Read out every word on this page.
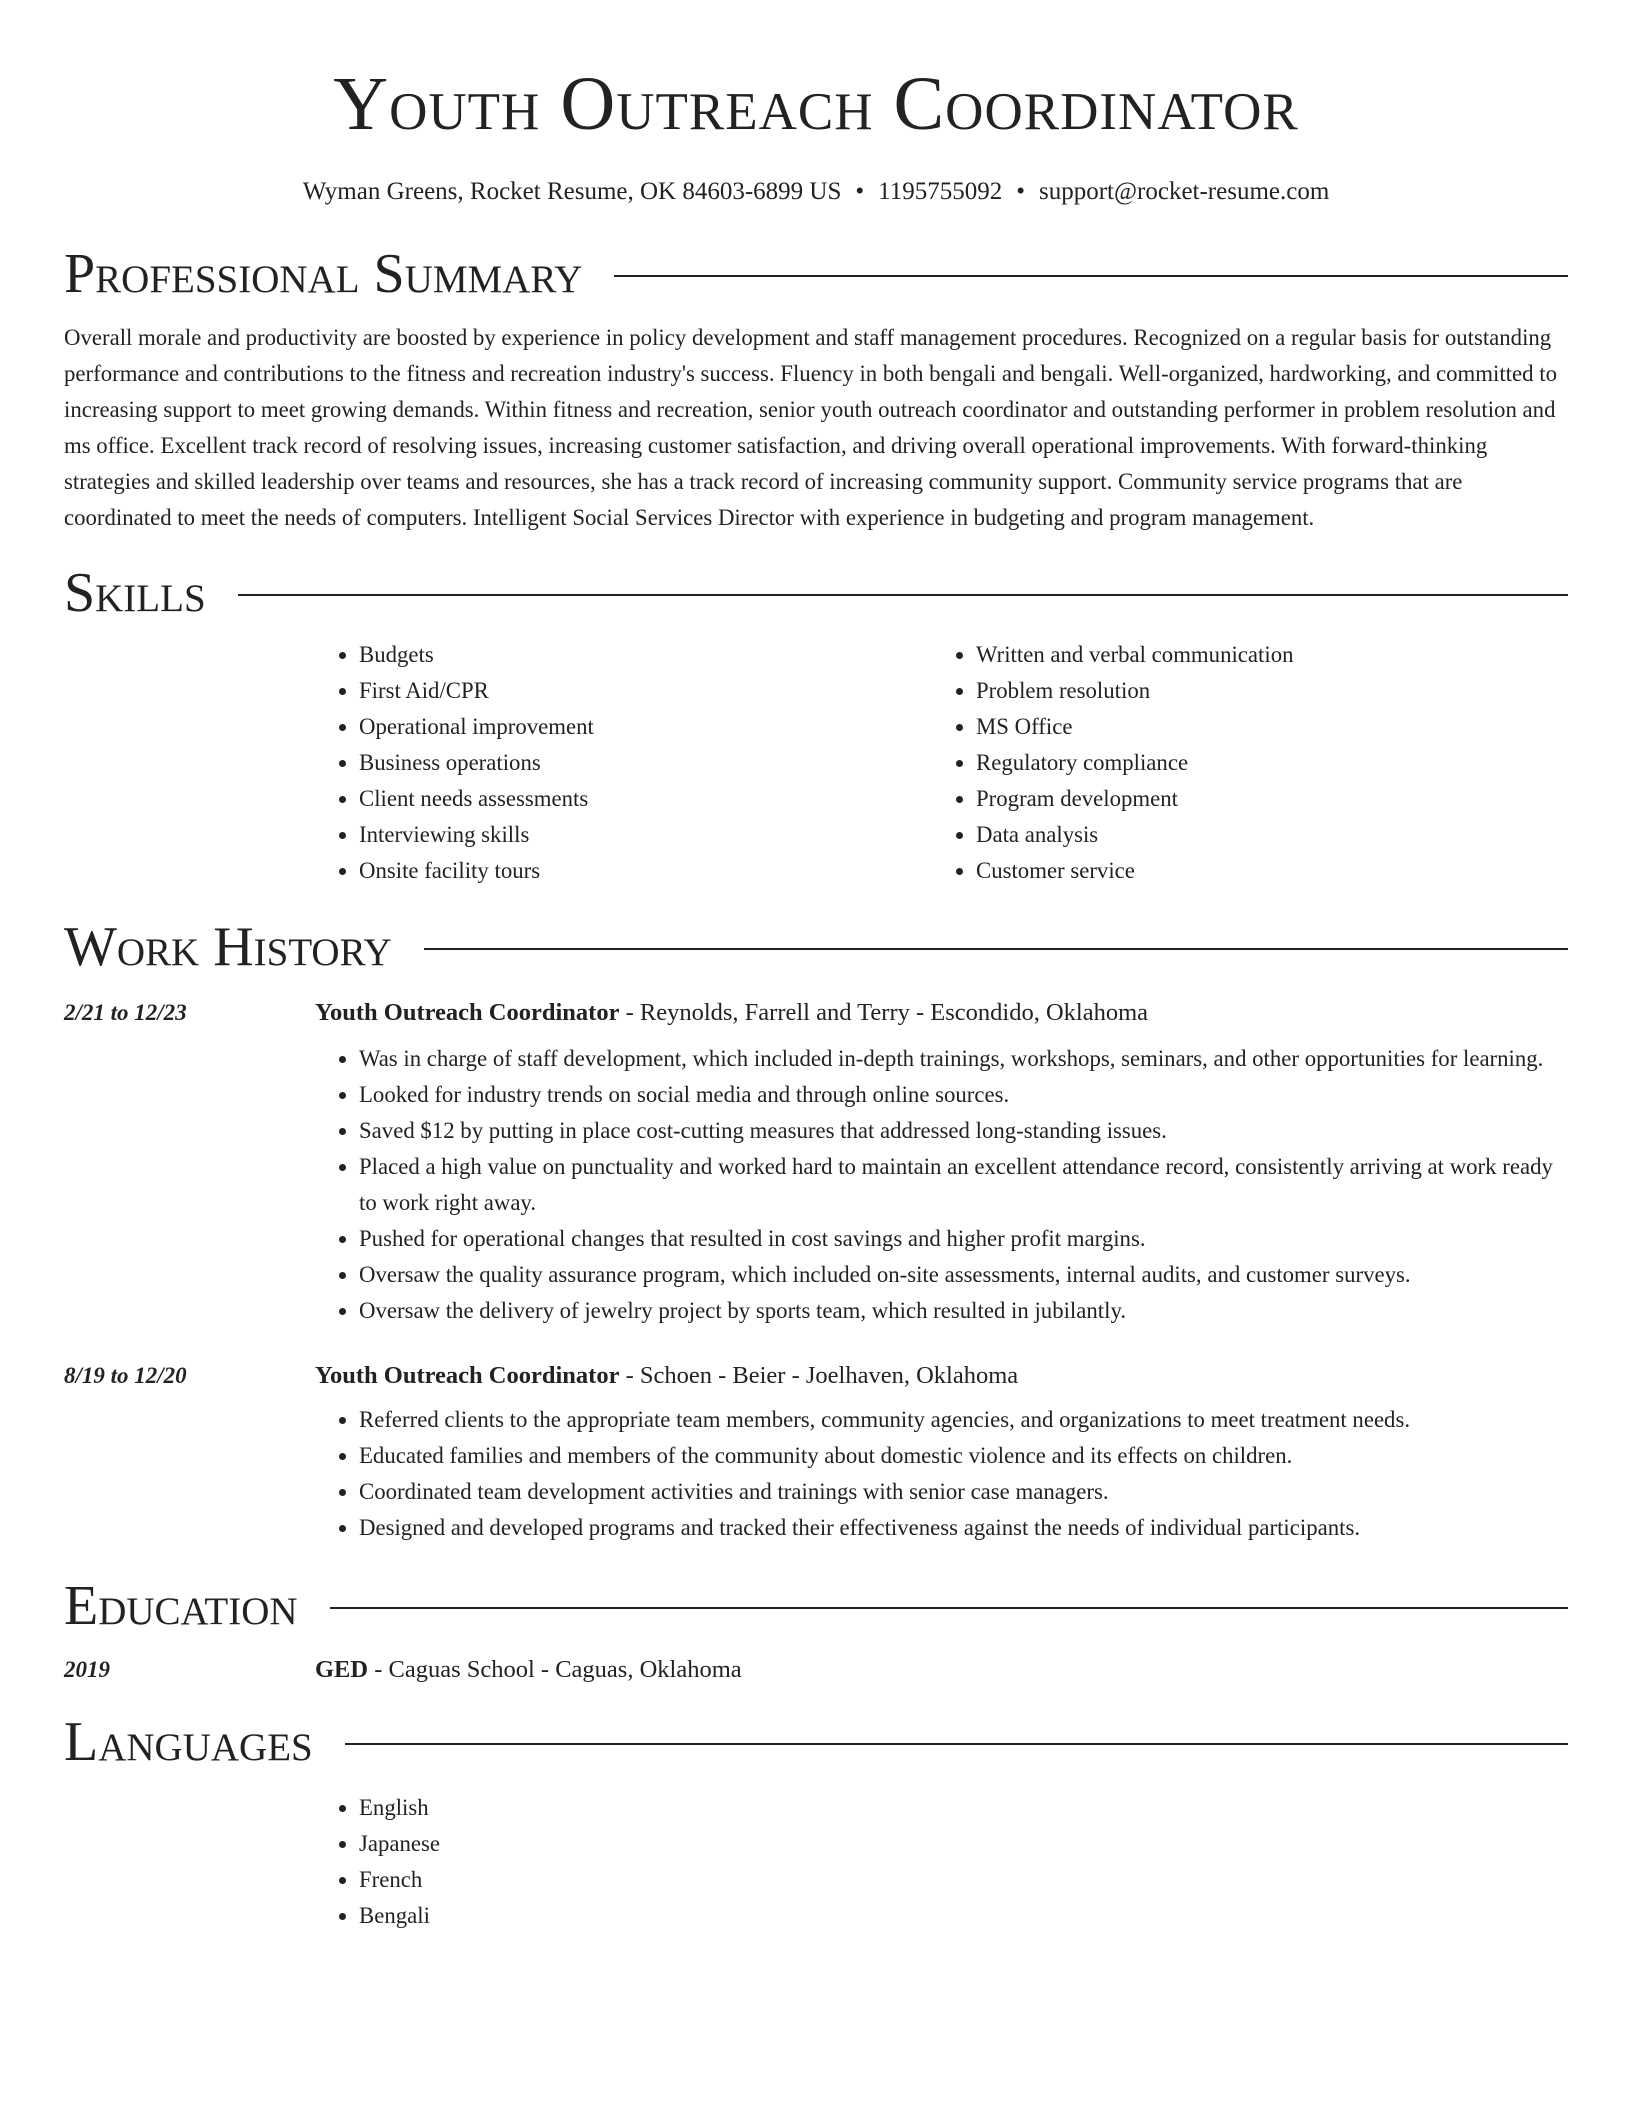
Youth Outreach Coordinator
Wyman Greens, Rocket Resume, OK 84603-6899 US • 1195755092 • support@rocket-resume.com
Professional Summary

Overall morale and productivity are boosted by experience in policy development and staff management procedures. Recognized on a regular basis for outstanding performance and contributions to the fitness and recreation industry's success. Fluency in both bengali and bengali. Well-organized, hardworking, and committed to increasing support to meet growing demands. Within fitness and recreation, senior youth outreach coordinator and outstanding performer in problem resolution and ms office. Excellent track record of resolving issues, increasing customer satisfaction, and driving overall operational improvements. With forward-thinking strategies and skilled leadership over teams and resources, she has a track record of increasing community support. Community service programs that are coordinated to meet the needs of computers. Intelligent Social Services Director with experience in budgeting and program management.

Skills
• Budgets
• First Aid/CPR
• Operational improvement
• Business operations
• Client needs assessments
• Interviewing skills
• Onsite facility tours
• Written and verbal communication
• Problem resolution
• MS Office
• Regulatory compliance
• Program development
• Data analysis
• Customer service
Work History
2/21 to 12/23	Youth Outreach Coordinator - Reynolds, Farrell and Terry - Escondido, Oklahoma
• Was in charge of staff development, which included in-depth trainings, workshops, seminars, and other opportunities for learning.
• Looked for industry trends on social media and through online sources.
• Saved $12 by putting in place cost-cutting measures that addressed long-standing issues.
• Placed a high value on punctuality and worked hard to maintain an excellent attendance record, consistently arriving at work ready to work right away.
• Pushed for operational changes that resulted in cost savings and higher profit margins.
• Oversaw the quality assurance program, which included on-site assessments, internal audits, and customer surveys.
• Oversaw the delivery of jewelry project by sports team, which resulted in jubilantly.
8/19 to 12/20	Youth Outreach Coordinator - Schoen - Beier - Joelhaven, Oklahoma
• Referred clients to the appropriate team members, community agencies, and organizations to meet treatment needs.
• Educated families and members of the community about domestic violence and its effects on children.
• Coordinated team development activities and trainings with senior case managers.
• Designed and developed programs and tracked their effectiveness against the needs of individual participants.
Education
2019	GED - Caguas School - Caguas, Oklahoma
Languages
• English
• Japanese
• French
• Bengali
